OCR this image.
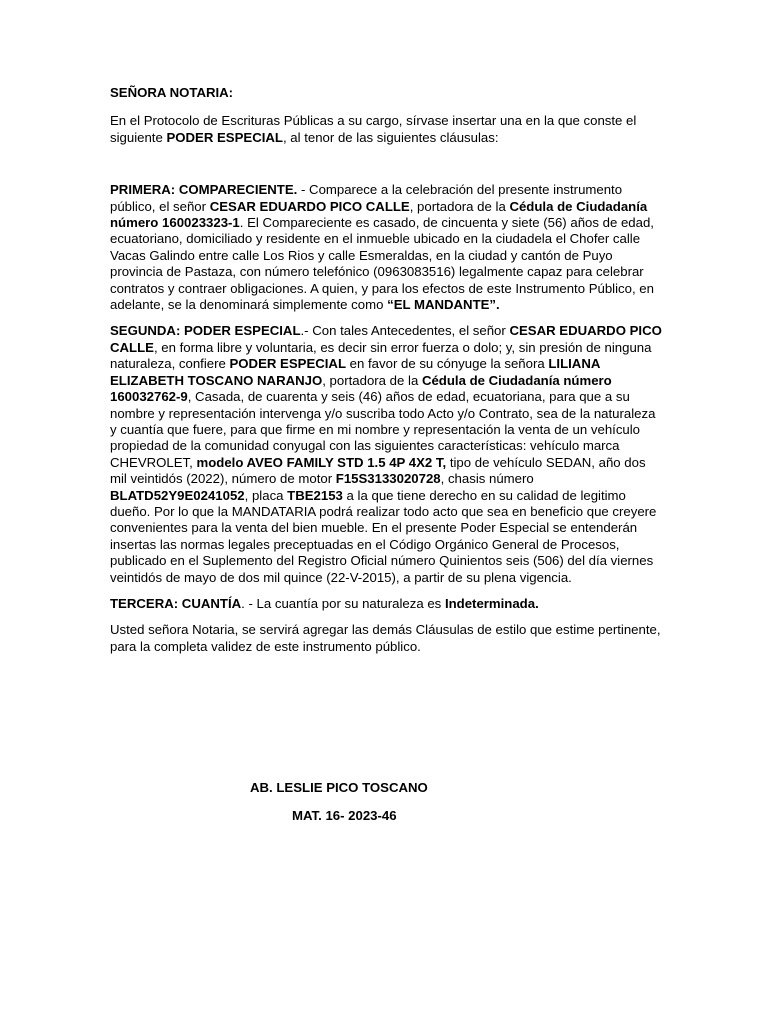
SEÑORA NOTARIA:

En el Protocolo de Escrituras Públicas a su cargo, sírvase insertar una en la que conste el siguiente PODER ESPECIAL, al tenor de las siguientes cláusulas:

PRIMERA: COMPARECIENTE. - Comparece a la celebración del presente instrumento público, el señor CESAR EDUARDO PICO CALLE, portadora de la Cédula de Ciudadanía número 160023323-1. El Compareciente es casado, de cincuenta y siete (56) años de edad, ecuatoriano, domiciliado y residente en el inmueble ubicado en la ciudadela el Chofer calle Vacas Galindo entre calle Los Rios y calle Esmeraldas, en la ciudad y cantón de Puyo provincia de Pastaza, con número telefónico (0963083516) legalmente capaz para celebrar contratos y contraer obligaciones. A quien, y para los efectos de este Instrumento Público, en adelante, se la denominará simplemente como “EL MANDANTE”.

SEGUNDA: PODER ESPECIAL.- Con tales Antecedentes, el señor CESAR EDUARDO PICO CALLE, en forma libre y voluntaria, es decir sin error fuerza o dolo; y, sin presión de ninguna naturaleza, confiere PODER ESPECIAL en favor de su cónyuge la señora LILIANA ELIZABETH TOSCANO NARANJO, portadora de la Cédula de Ciudadanía número 160032762-9, Casada, de cuarenta y seis (46) años de edad, ecuatoriana, para que a su nombre y representación intervenga y/o suscriba todo Acto y/o Contrato, sea de la naturaleza y cuantía que fuere, para que firme en mi nombre y representación la venta de un vehículo propiedad de la comunidad conyugal con las siguientes características: vehículo marca CHEVROLET, modelo AVEO FAMILY STD 1.5 4P 4X2 T, tipo de vehículo SEDAN, año dos mil veintidós (2022), número de motor F15S3133020728, chasis número BLATD52Y9E0241052, placa TBE2153 a la que tiene derecho en su calidad de legitimo dueño. Por lo que la MANDATARIA podrá realizar todo acto que sea en beneficio que creyere convenientes para la venta del bien mueble. En el presente Poder Especial se entenderán insertas las normas legales preceptuadas en el Código Orgánico General de Procesos, publicado en el Suplemento del Registro Oficial número Quinientos seis (506) del día viernes veintidós de mayo de dos mil quince (22-V-2015), a partir de su plena vigencia.

TERCERA: CUANTÍA. - La cuantía por su naturaleza es Indeterminada.

Usted señora Notaria, se servirá agregar las demás Cláusulas de estilo que estime pertinente, para la completa validez de este instrumento público.

AB. LESLIE PICO TOSCANO
MAT. 16- 2023-46
